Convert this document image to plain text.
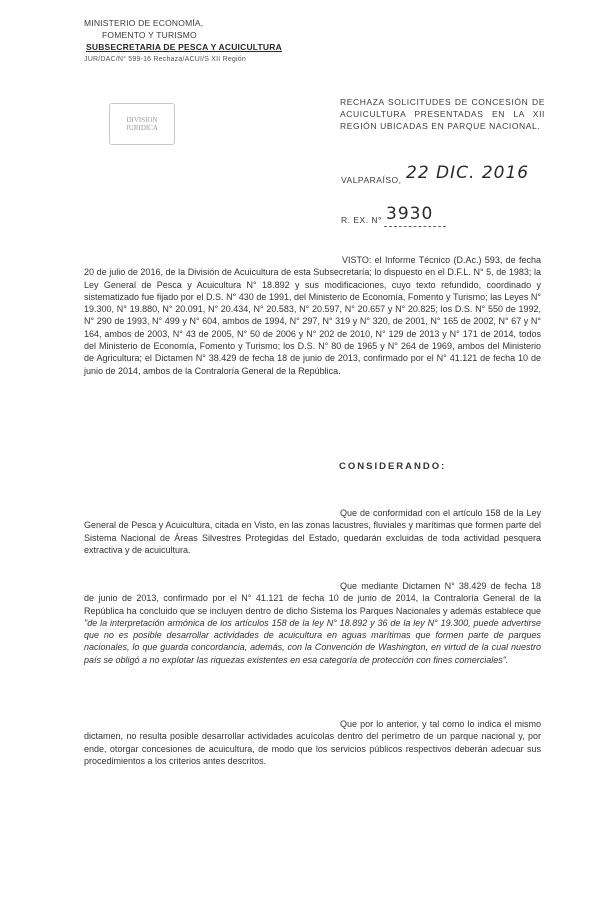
MINISTERIO DE ECONOMÍA,
FOMENTO Y TURISMO
SUBSECRETARIA DE PESCA Y ACUICULTURA
JUR/DAC/N° 599-16 Rechaza/ACUI/S XII Región
DIVISION
JURIDICA
RECHAZA SOLICITUDES DE CONCESIÓN DE ACUICULTURA PRESENTADAS EN LA XII REGIÓN UBICADAS EN PARQUE NACIONAL.
VALPARAÍSO, 22 DIC. 2016
R. EX. N° 3930
VISTO: el Informe Técnico (D.Ac.) 593, de fecha 20 de julio de 2016, de la División de Acuicultura de esta Subsecretaría; lo dispuesto en el D.F.L. N° 5, de 1983; la Ley General de Pesca y Acuicultura N° 18.892 y sus modificaciones, cuyo texto refundido, coordinado y sistematizado fue fijado por el D.S. N° 430 de 1991, del Ministerio de Economía, Fomento y Turismo; las Leyes N° 19.300, N° 19.880, N° 20.091, N° 20.434, N° 20.583, N° 20.597, N° 20.657 y N° 20.825; los D.S. N° 550 de 1992, N° 290 de 1993, N° 499 y N° 604, ambos de 1994, N° 297, N° 319 y N° 320, de 2001, N° 165 de 2002, N° 67 y N° 164, ambos de 2003, N° 43 de 2005, N° 50 de 2006 y N° 202 de 2010, N° 129 de 2013 y N° 171 de 2014, todos del Ministerio de Economía, Fomento y Turismo; los D.S. N° 80 de 1965 y N° 264 de 1969, ambos del Ministerio de Agricultura; el Dictamen N° 38.429 de fecha 18 de junio de 2013, confirmado por el N° 41.121 de fecha 10 de junio de 2014, ambos de la Contraloría General de la República.
CONSIDERANDO:
Que de conformidad con el artículo 158 de la Ley General de Pesca y Acuicultura, citada en Visto, en las zonas lacustres, fluviales y marítimas que formen parte del Sistema Nacional de Áreas Silvestres Protegidas del Estado, quedarán excluidas de toda actividad pesquera extractiva y de acuicultura.
Que mediante Dictamen N° 38.429 de fecha 18 de junio de 2013, confirmado por el N° 41.121 de fecha 10 de junio de 2014, la Contraloría General de la República ha concluido que se incluyen dentro de dicho Sistema los Parques Nacionales y además establece que "de la interpretación armónica de los artículos 158 de la ley N° 18.892 y 36 de la ley N° 19.300, puede advertirse que no es posible desarrollar actividades de acuicultura en aguas marítimas que formen parte de parques nacionales, lo que guarda concordancia, además, con la Convención de Washington, en virtud de la cual nuestro país se obligó a no explotar las riquezas existentes en esa categoría de protección con fines comerciales".
Que por lo anterior, y tal como lo indica el mismo dictamen, no resulta posible desarrollar actividades acuícolas dentro del perímetro de un parque nacional y, por ende, otorgar concesiones de acuicultura, de modo que los servicios públicos respectivos deberán adecuar sus procedimientos a los criterios antes descritos.
